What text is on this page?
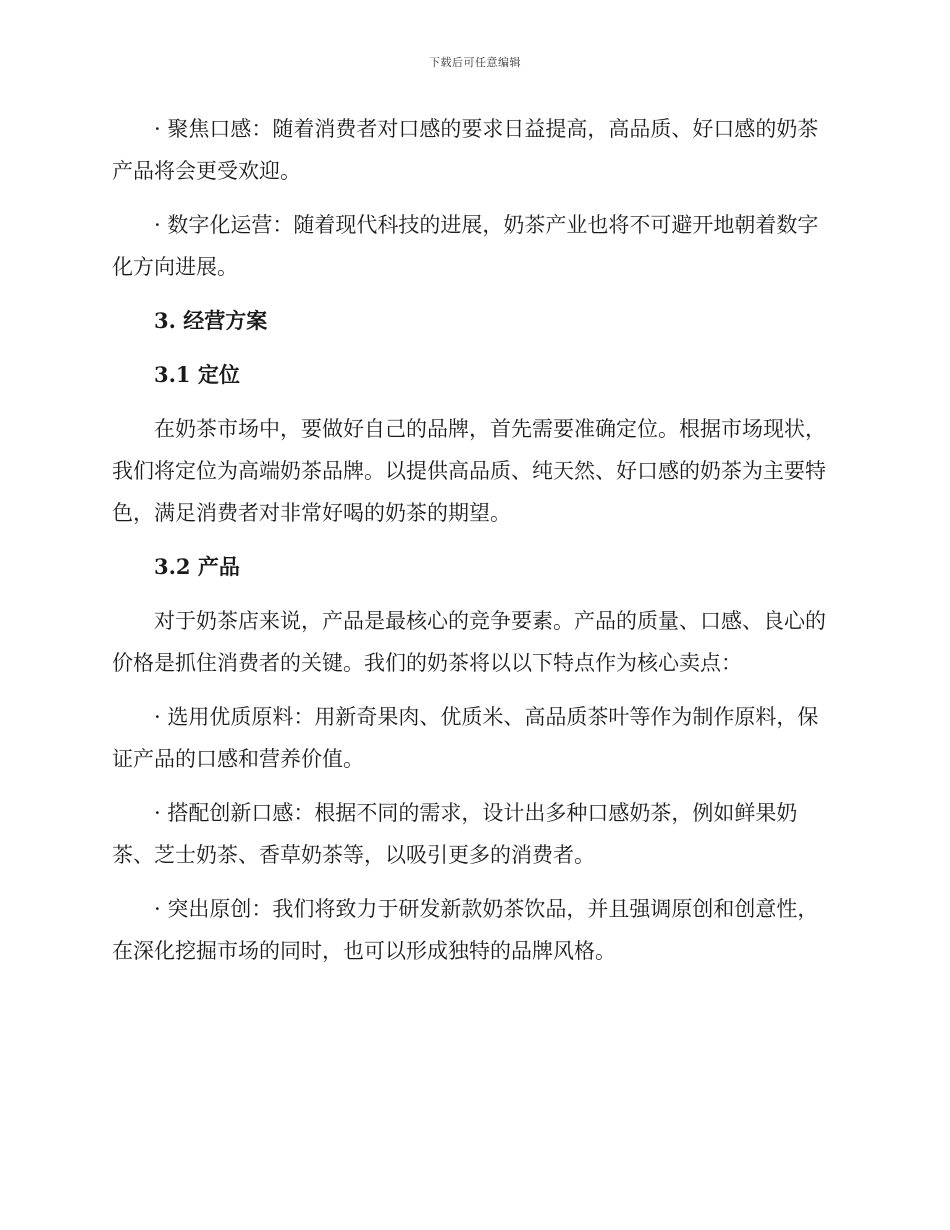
下载后可任意编辑

· 聚焦口感：随着消费者对口感的要求日益提高，高品质、好口感的奶茶产品将会更受欢迎。

· 数字化运营：随着现代科技的进展，奶茶产业也将不可避开地朝着数字化方向进展。

3. 经营方案

3.1 定位

在奶茶市场中，要做好自己的品牌，首先需要准确定位。根据市场现状，我们将定位为高端奶茶品牌。以提供高品质、纯天然、好口感的奶茶为主要特色，满足消费者对非常好喝的奶茶的期望。

3.2 产品

对于奶茶店来说，产品是最核心的竞争要素。产品的质量、口感、良心的价格是抓住消费者的关键。我们的奶茶将以以下特点作为核心卖点：

· 选用优质原料：用新奇果肉、优质米、高品质茶叶等作为制作原料，保证产品的口感和营养价值。

· 搭配创新口感：根据不同的需求，设计出多种口感奶茶，例如鲜果奶茶、芝士奶茶、香草奶茶等，以吸引更多的消费者。

· 突出原创：我们将致力于研发新款奶茶饮品，并且强调原创和创意性，在深化挖掘市场的同时，也可以形成独特的品牌风格。
